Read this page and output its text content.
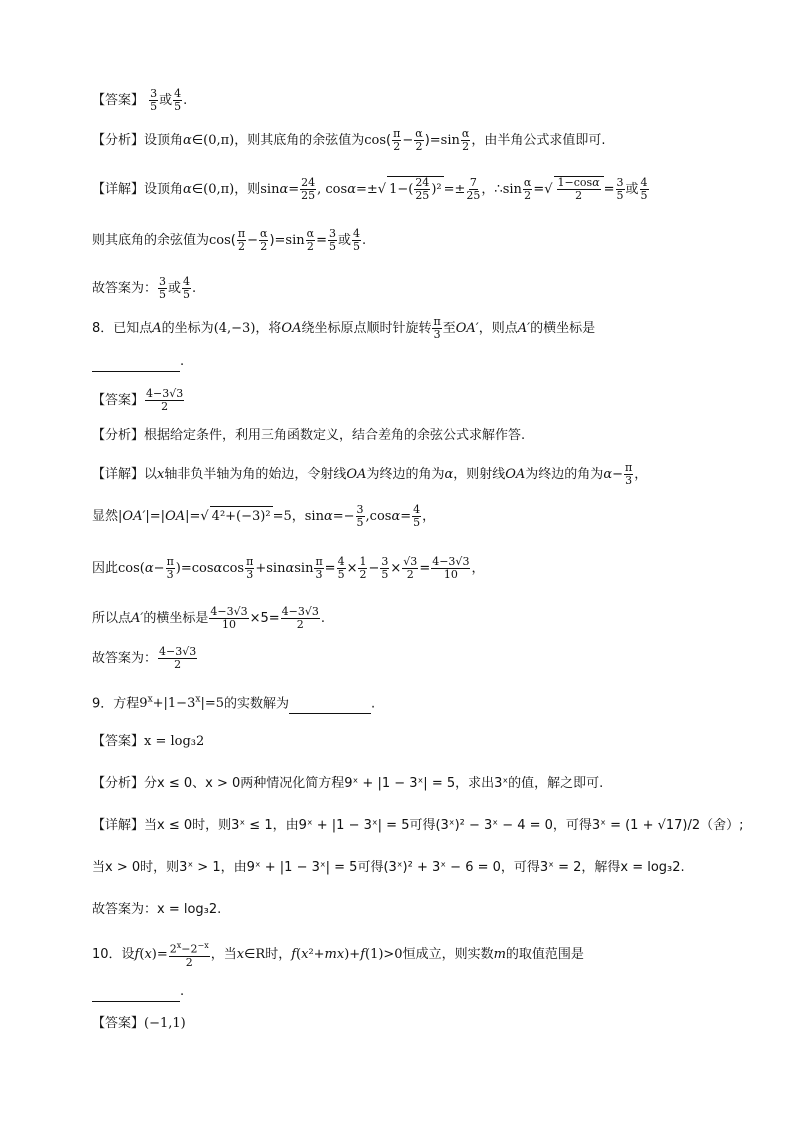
【答案】 $\frac{3}{5}$ 或 $\frac{4}{5}$ .
【分析】设顶角α∈(0,π)，则其底角的余弦值为$\cos( \frac{\pi}{2} - \frac{\alpha}{2} )=\sin \frac{\alpha}{2}$ ，由半角公式求值即可.
【详解】设顶角α∈(0,π)，则$\sin\alpha= \frac{24}{25}$ , cosα=±√ $1-( \frac{24}{25} )^2 =\pm \frac{7}{25}$ ，∴sin $\frac{\alpha}{2}$ =√ $\frac{1-\cos\alpha}{2} = \frac{3}{5}$ 或 $\frac{4}{5}$
则其底角的余弦值为$\cos( \frac{\pi}{2} - \frac{\alpha}{2} )=\sin \frac{\alpha}{2} = \frac{3}{5}$ 或 $\frac{4}{5}$ .
故答案为： $\frac{3}{5}$ 或 $\frac{4}{5}$ .
8．已知点A的坐标为(4,−3)，将OA绕坐标原点顺时针旋转 $\frac{\pi}{3}$ 至OA′，则点A′的横坐标是
.
【答案】 $\frac{4-3√3}{2}$
【分析】根据给定条件，利用三角函数定义，结合差角的余弦公式求解作答.
【详解】以x轴非负半轴为角的始边，令射线OA为终边的角为α，则射线OA为终边的角为$\alpha- \frac{\pi}{3}$ ，
显然|OA′|=|OA|=√ 4²+(−3)² =5，$\sin\alpha=- \frac{3}{5} ,\cos\alpha= \frac{4}{5}$ ，
因此$\cos(\alpha- \frac{\pi}{3} )=\cos\alpha\cos \frac{\pi}{3} +\sin\alpha\sin \frac{\pi}{3} = \frac{4}{5} \times \frac{1}{2} - \frac{3}{5} \times \frac{√3}{2} = \frac{4-3√3}{10}$ ，
所以点A′的横坐标是 $\frac{4-3√3}{10} \times 5= \frac{4-3√3}{2}$ .
故答案为： $\frac{4-3√3}{2}$
9．方程$9^x+|1-3^x|=5$的实数解为	.
【答案】x = log₃2
【分析】分x ≤ 0、x > 0两种情况化简方程9ˣ + |1 − 3ˣ| = 5，求出3ˣ的值，解之即可.
【详解】当x ≤ 0时，则3ˣ ≤ 1，由9ˣ + |1 − 3ˣ| = 5可得(3ˣ)² − 3ˣ − 4 = 0，可得3ˣ = (1 + √17)/2（舍）;
当x > 0时，则3ˣ > 1，由9ˣ + |1 − 3ˣ| = 5可得(3ˣ)² + 3ˣ − 6 = 0，可得3ˣ = 2，解得x = log₃2.
故答案为：x = log₃2.
10．设$f(x)= \frac{2^x-2^{-x}}{2}$ ，当x∈R时，f(x²+mx)+f(1)>0恒成立，则实数m的取值范围是
.
【答案】(−1,1)
